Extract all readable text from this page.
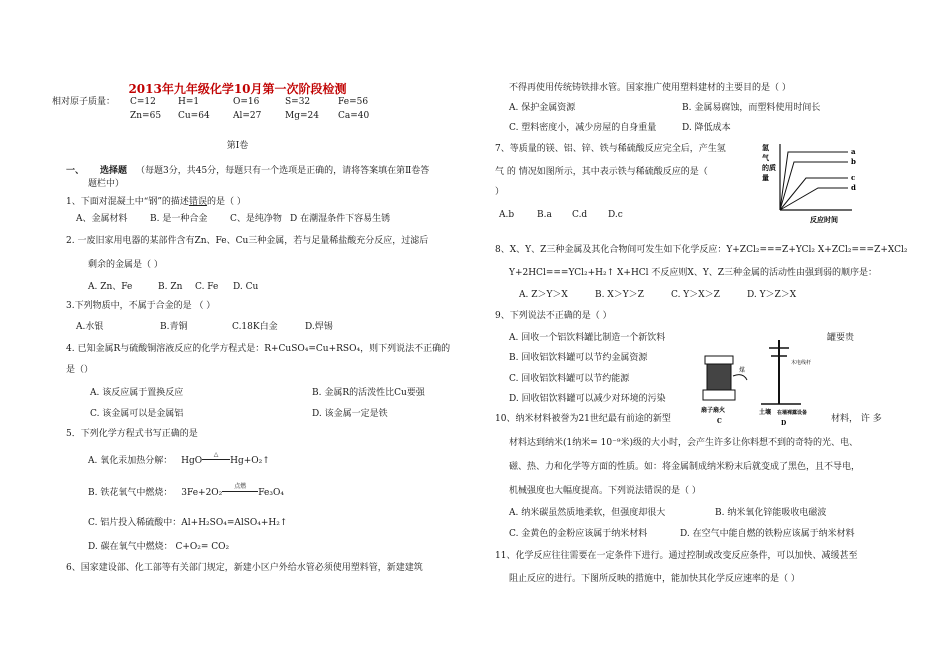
2013年九年级化学10月第一次阶段检测
相对原子质量： C=12 H=1	O=16	S=32	Fe=56
Zn=65 Cu=64	Al=27	Mg=24 Ca=40
第Ⅰ卷
一、 选择题 （每题3分，共45分，每题只有一个选项是正确的，请将答案填在第Ⅱ卷答
题栏中）
1、下面对混凝土中“钢”的描述错误的是（ ）
A、金属材料	B. 是一种合金	C、是纯净物 D 在潮湿条件下容易生锈
2. 一废旧家用电器的某部件含有Zn、Fe、Cu三种金属，若与足量稀盐酸充分反应，过滤后
剩余的金属是（ ）
A. Zn、Fe	B. Zn C. Fe D. Cu
3.下列物质中，不属于合金的是 （ ）
A.水银	B.青铜	C.18K白金	D.焊锡
4. 已知金属R与硫酸铜溶液反应的化学方程式是：R+CuSO₄=Cu+RSO₄，则下列说法不正确的
是（）
A. 该反应属于置换反应	B. 金属R的活泼性比Cu要强
C. 该金属可以是金属铝	D. 该金属一定是铁
5．下列化学方程式书写正确的是
A. 氧化汞加热分解： HgO
△
Hg+O₂↑
B. 铁花氧气中燃烧： 3Fe+2O₂
点燃
Fe₃O₄
C. 铝片投入稀硫酸中：Al+H₂SO₄=AlSO₄+H₂↑
D. 碳在氧气中燃烧： C+O₂= CO₂
6、国家建设部、化工部等有关部门规定，新建小区户外给水管必须使用塑料管，新建建筑
不得再使用传统铸铁排水管。国家推广使用塑料建材的主要目的是（ ）
A. 保护金属资源	B. 金属易腐蚀，而塑料使用时间长
C. 塑料密度小，减少房屋的自身重量	D. 降低成本
7、等质量的镁、铝、锌、铁与稀硫酸反应完全后，产生氢
气 的 情况如图所示，其中表示铁与稀硫酸反应的是（
）
A.b	B.a C.d D.c
氢
气
的质
量
a
b
c
d
反应时间
8、X、Y、Z三种金属及其化合物间可发生如下化学反应：Y+ZCl₂===Z+YCl₂ X+ZCl₂===Z+XCl₂
Y+2HCl===YCl₂+H₂↑ X+HCl 不反应则X、Y、Z三种金属的活动性由强到弱的顺序是：
A. Z＞Y＞X	B. X＞Y＞Z	C. Y＞X＞Z	D. Y＞Z＞X
9、下列说法不正确的是（ ）
A. 回收一个铝饮料罐比制造一个新饮料	罐要贵
B. 回收铝饮料罐可以节约金属资源
C. 回收铝饮料罐可以节约能源
D. 回收铝饮料罐可以减少对环境的污染
煤
扇子扇火
C
木电线杆
土壤 在墙裸露设备
D
10、纳米材料被誉为21世纪最有前途的新型	材料， 许 多
材料达到纳米(1纳米= 10⁻⁹米)级的大小时，会产生许多让你料想不到的奇特的光、电、
磁、热、力和化学等方面的性质。如：将金属制成纳米粉末后就变成了黑色，且不导电，
机械强度也大幅度提高。下列说法错误的是（ ）
A. 纳米碳虽然质地柔软，但强度却很大	B. 纳米氧化锌能吸收电磁波
C. 金黄色的金粉应该属于纳米材料	D. 在空气中能自燃的铁粉应该属于纳米材料
11、化学反应往往需要在一定条件下进行。通过控制或改变反应条件，可以加快、减缓甚至
阻止反应的进行。下图所反映的措施中，能加快其化学反应速率的是（ ）
